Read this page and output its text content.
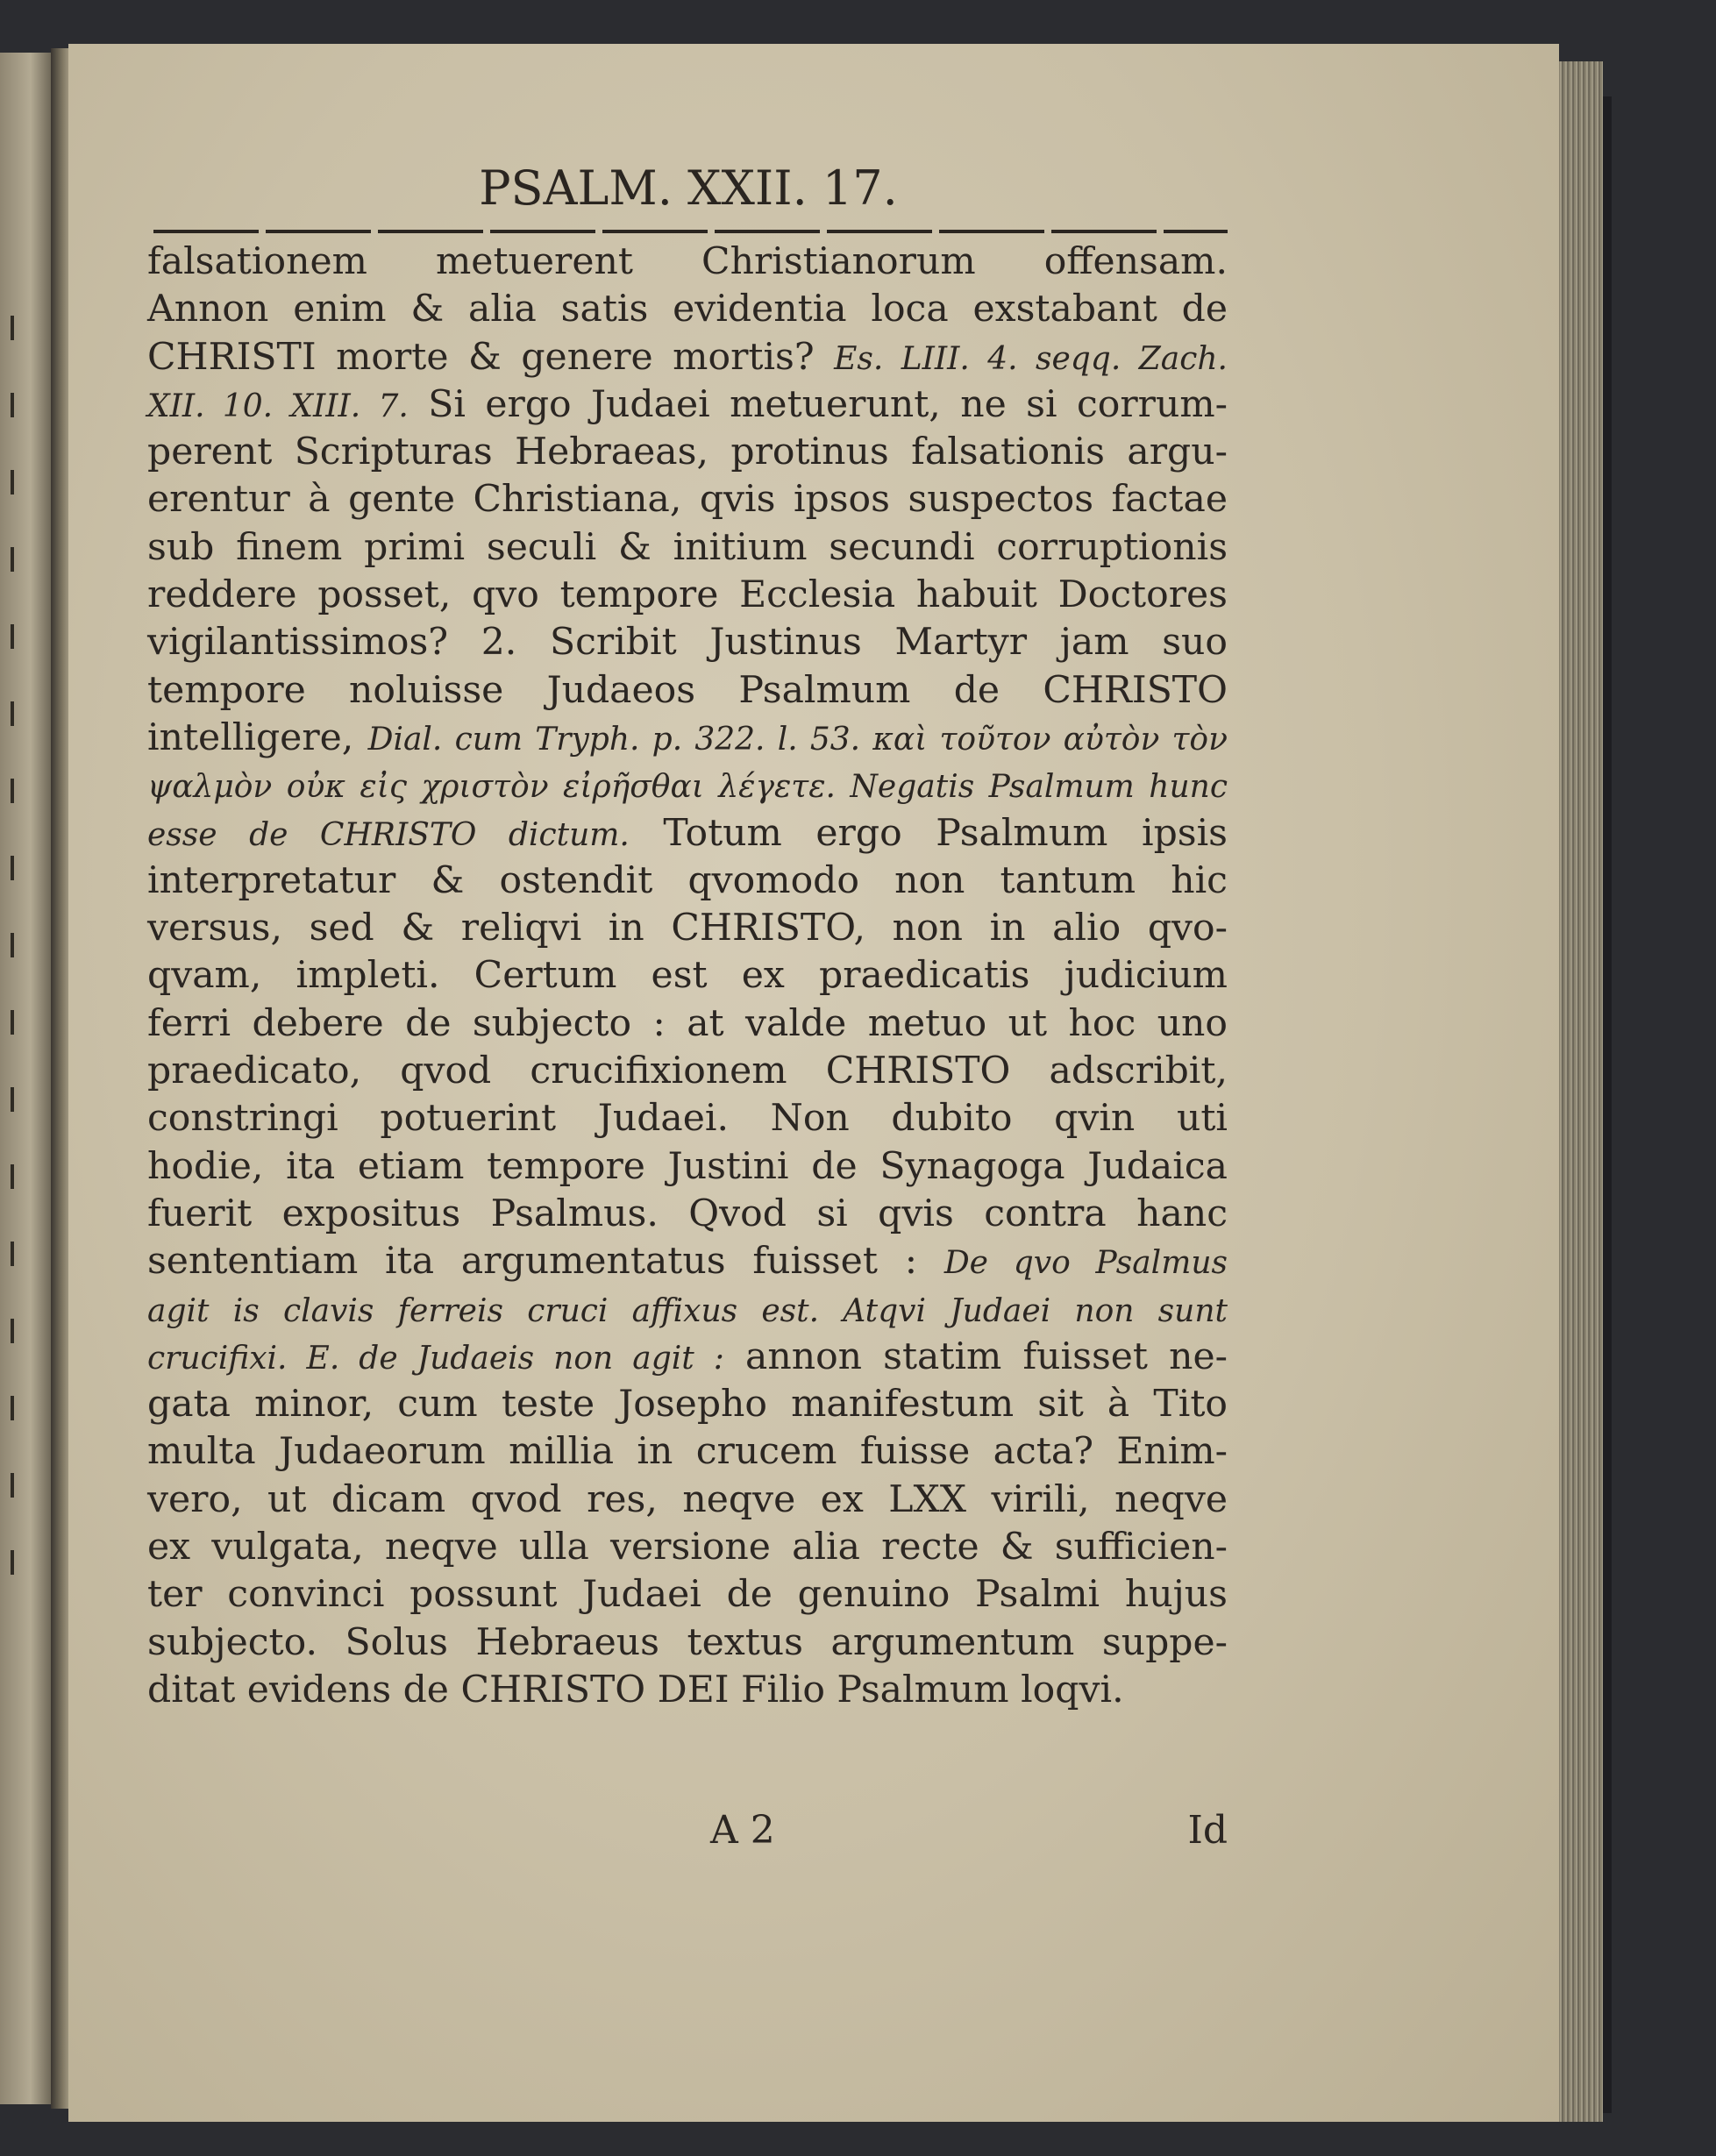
PSALM. XXII. 17.
falsationem metuerent Christianorum offensam.
Annon enim & alia satis evidentia loca exstabant de
CHRISTI morte & genere mortis? Es. LIII. 4. seqq. Zach.
XII. 10. XIII. 7. Si ergo Judaei metuerunt, ne si corrum-
perent Scripturas Hebraeas, protinus falsationis argu-
erentur à gente Christiana, qvis ipsos suspectos factae
sub finem primi seculi & initium secundi corruptionis
reddere posset, qvo tempore Ecclesia habuit Doctores
vigilantissimos? 2. Scribit Justinus Martyr jam suo
tempore noluisse Judaeos Psalmum de CHRISTO
intelligere, Dial. cum Tryph. p. 322. l. 53. καὶ τοῦτον αὐτὸν τὸν
ψαλμὸν οὐκ εἰς χριστὸν εἰρῆσθαι λέγετε. Negatis Psalmum hunc
esse de CHRISTO dictum. Totum ergo Psalmum ipsis
interpretatur & ostendit qvomodo non tantum hic
versus, sed & reliqvi in CHRISTO, non in alio qvo-
qvam, impleti. Certum est ex praedicatis judicium
ferri debere de subjecto : at valde metuo ut hoc uno
praedicato, qvod crucifixionem CHRISTO adscribit,
constringi potuerint Judaei. Non dubito qvin uti
hodie, ita etiam tempore Justini de Synagoga Judaica
fuerit expositus Psalmus. Qvod si qvis contra hanc
sententiam ita argumentatus fuisset : De qvo Psalmus
agit is clavis ferreis cruci affixus est. Atqvi Judaei non sunt
crucifixi. E. de Judaeis non agit : annon statim fuisset ne-
gata minor, cum teste Josepho manifestum sit à Tito
multa Judaeorum millia in crucem fuisse acta? Enim-
vero, ut dicam qvod res, neqve ex LXX virili, neqve
ex vulgata, neqve ulla versione alia recte & sufficien-
ter convinci possunt Judaei de genuino Psalmi hujus
subjecto. Solus Hebraeus textus argumentum suppe-
ditat evidens de CHRISTO DEI Filio Psalmum loqvi.
A 2	Id
